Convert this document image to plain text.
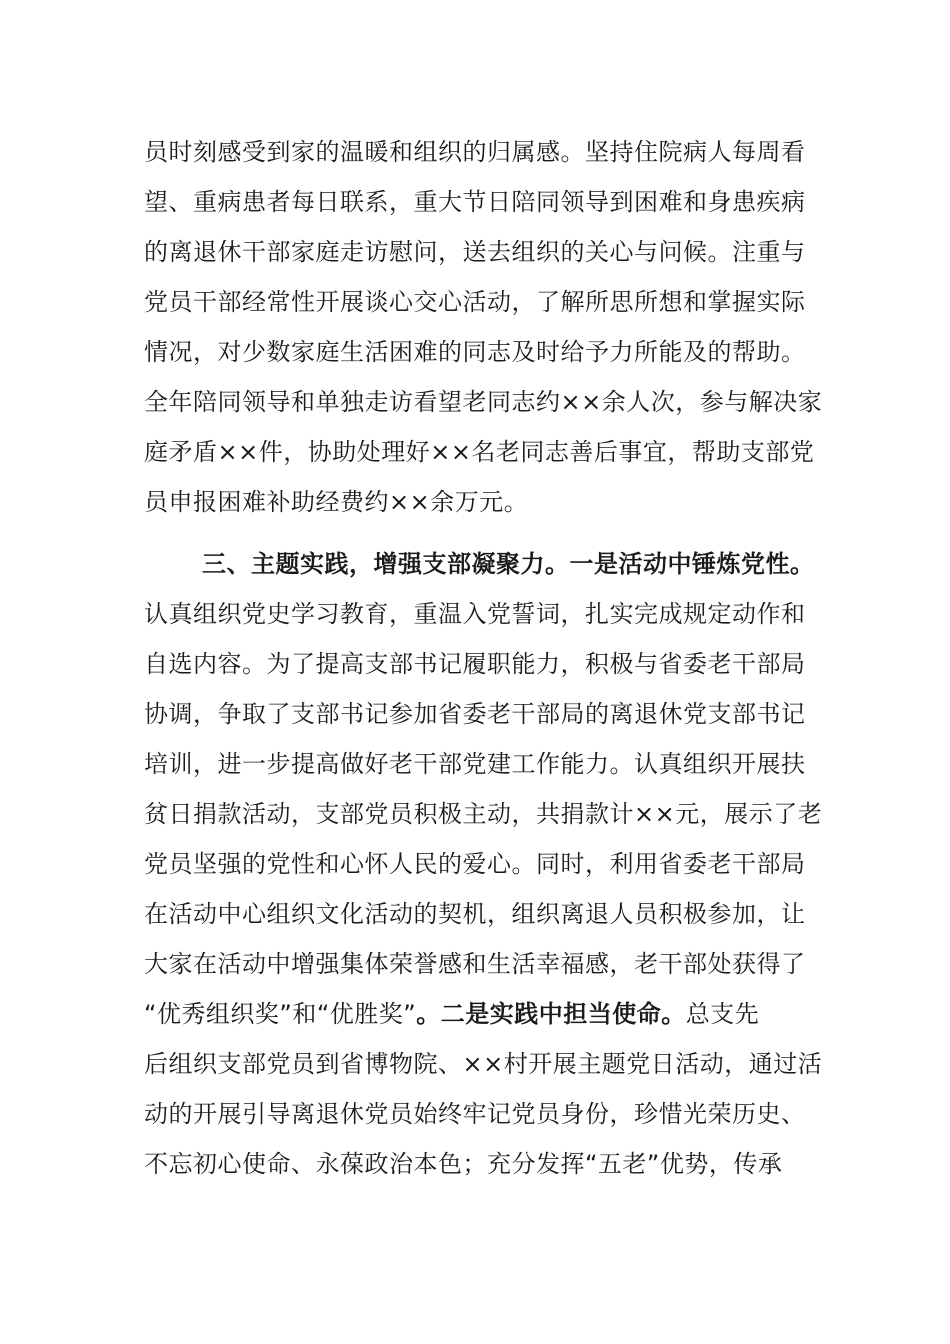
员时刻感受到家的温暖和组织的归属感。坚持住院病人每周看
望、重病患者每日联系，重大节日陪同领导到困难和身患疾病
的离退休干部家庭走访慰问，送去组织的关心与问候。注重与
党员干部经常性开展谈心交心活动，了解所思所想和掌握实际
情况，对少数家庭生活困难的同志及时给予力所能及的帮助。
全年陪同领导和单独走访看望老同志约××余人次，参与解决家
庭矛盾××件，协助处理好××名老同志善后事宜，帮助支部党
员申报困难补助经费约××余万元。
三、主题实践，增强支部凝聚力。一是活动中锤炼党性。
认真组织党史学习教育，重温入党誓词，扎实完成规定动作和
自选内容。为了提高支部书记履职能力，积极与省委老干部局
协调，争取了支部书记参加省委老干部局的离退休党支部书记
培训，进一步提高做好老干部党建工作能力。认真组织开展扶
贫日捐款活动，支部党员积极主动，共捐款计××元，展示了老
党员坚强的党性和心怀人民的爱心。同时，利用省委老干部局
在活动中心组织文化活动的契机，组织离退人员积极参加，让
大家在活动中增强集体荣誉感和生活幸福感，老干部处获得了
“优秀组织奖”和“优胜奖”。二是实践中担当使命。总支先
后组织支部党员到省博物院、××村开展主题党日活动，通过活
动的开展引导离退休党员始终牢记党员身份，珍惜光荣历史、
不忘初心使命、永葆政治本色；充分发挥“五老”优势，传承
